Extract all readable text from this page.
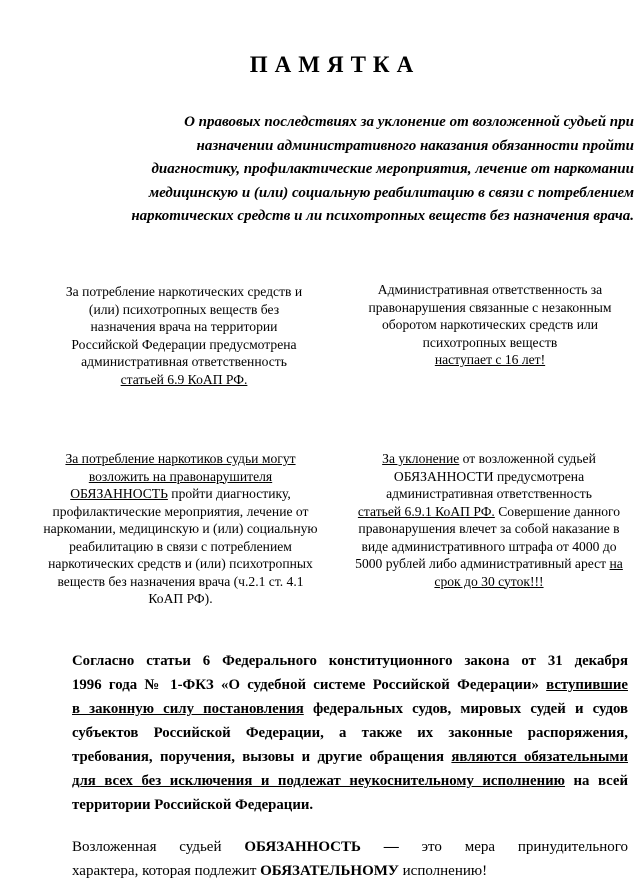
ПАМЯТКА
О правовых последствиях за уклонение от возложенной судьей при
назначении административного наказания обязанности пройти
диагностику, профилактические мероприятия, лечение от наркомании
медицинскую и (или) социальную реабилитацию в связи с потреблением
наркотических средств и ли психотропных веществ без назначения врача.
За потребление наркотических средств и
(или) психотропных веществ без
назначения врача на территории
Российской Федерации предусмотрена
административная ответственность
статьей 6.9 КоАП РФ.
Административная ответственность за
правонарушения связанные с незаконным
оборотом наркотических средств или
психотропных веществ
наступает с 16 лет!
За потребление наркотиков судьи могут
возложить на правонарушителя
ОБЯЗАННОСТЬ пройти диагностику,
профилактические мероприятия, лечение от
наркомании, медицинскую и (или) социальную
реабилитацию в связи с потреблением
наркотических средств и (или) психотропных
веществ без назначения врача (ч.2.1 ст. 4.1
КоАП РФ).
За уклонение от возложенной судьей
ОБЯЗАННОСТИ предусмотрена
административная ответственность
статьей 6.9.1 КоАП РФ. Совершение данного
правонарушения влечет за собой наказание в
виде административного штрафа от 4000 до
5000 рублей либо административный арест на
срок до 30 суток!!!
Согласно статьи 6 Федерального конституционного закона от 31 декабря
1996 года № 1-ФКЗ «О судебной системе Российской Федерации» вступившие
в законную силу постановления федеральных судов, мировых судей и судов
субъектов Российской Федерации, а также их законные распоряжения,
требования, поручения, вызовы и другие обращения являются обязательными
для всех без исключения и подлежат неукоснительному исполнению на всей
территории Российской Федерации.
Возложенная судьей ОБЯЗАННОСТЬ — это мера принудительного
характера, которая подлежит ОБЯЗАТЕЛЬНОМУ исполнению!
